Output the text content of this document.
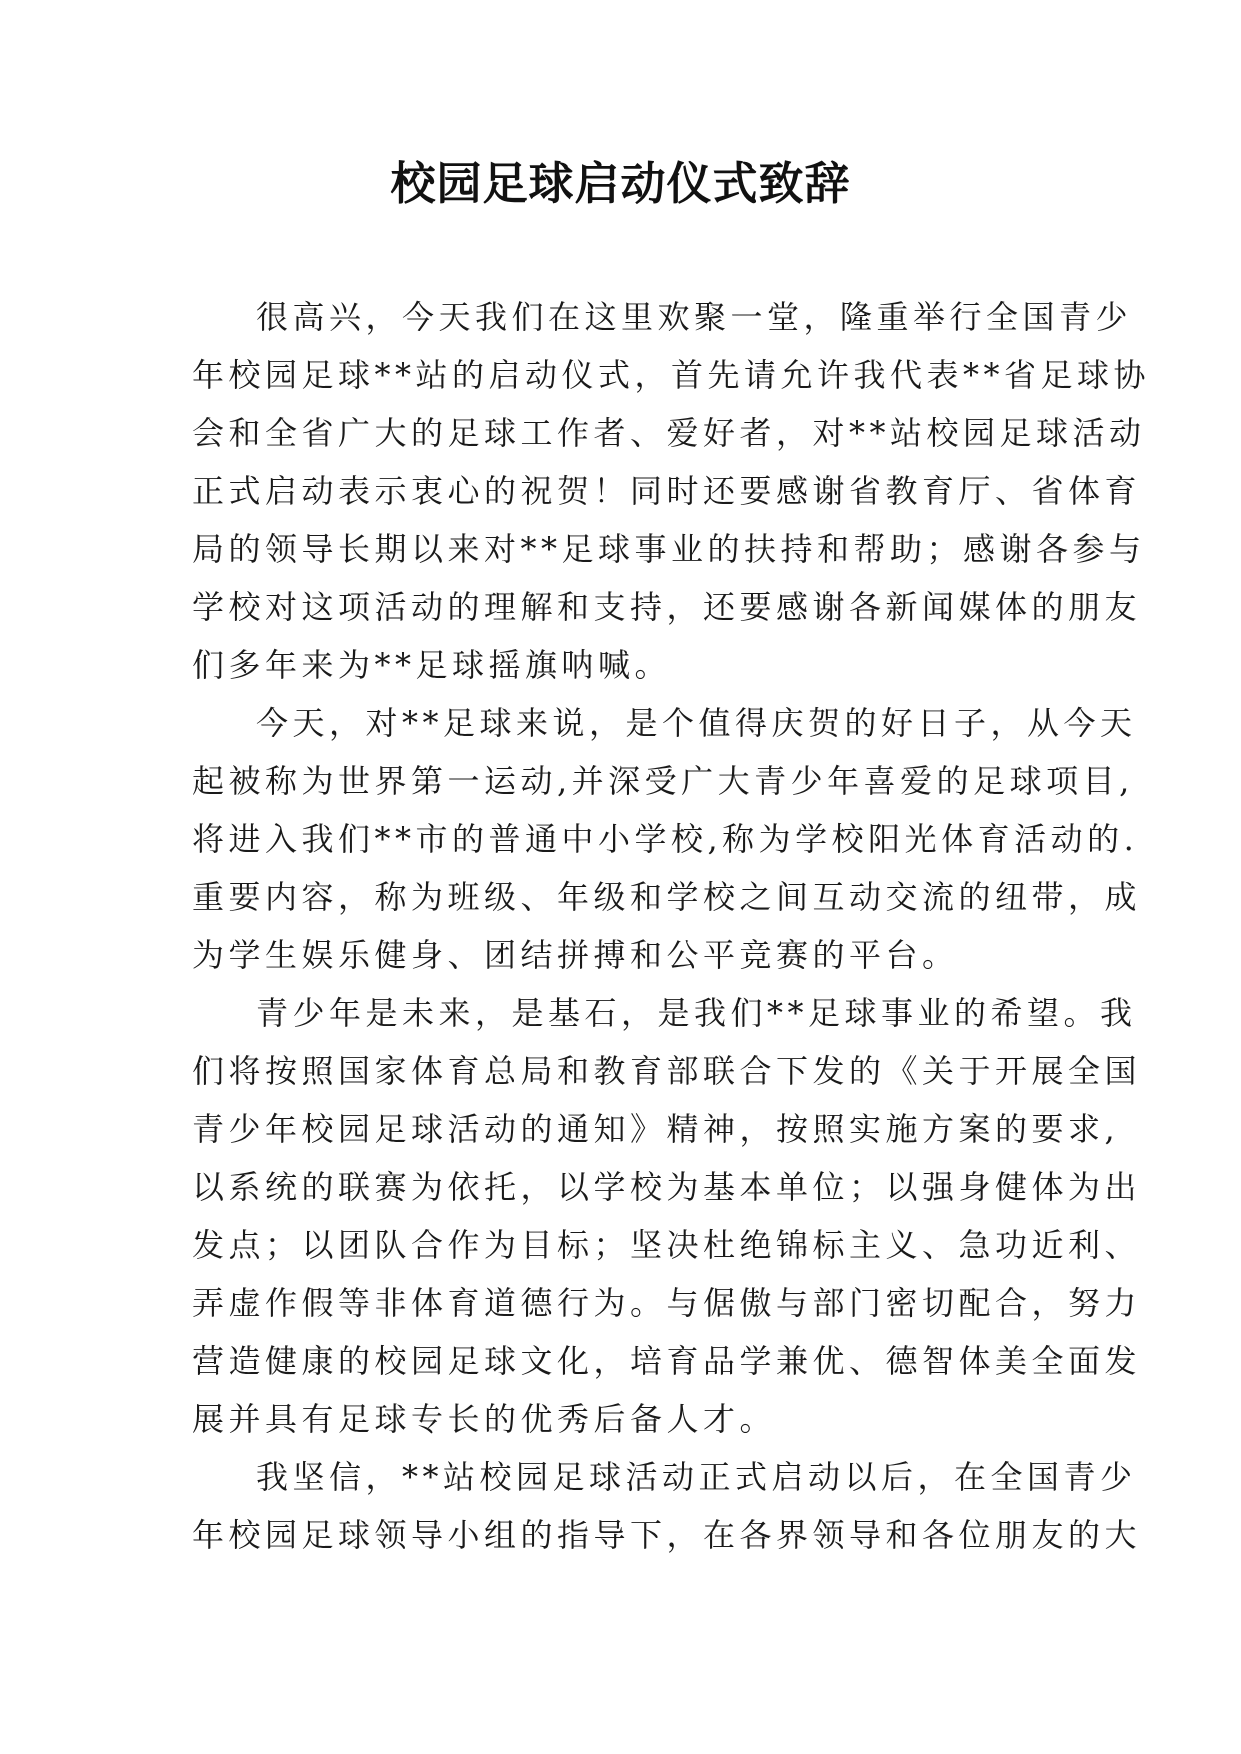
校园足球启动仪式致辞
很高兴，今天我们在这里欢聚一堂，隆重举行全国青少
年校园足球**站的启动仪式，首先请允许我代表**省足球协
会和全省广大的足球工作者、爱好者，对**站校园足球活动
正式启动表示衷心的祝贺！同时还要感谢省教育厅、省体育
局的领导长期以来对**足球事业的扶持和帮助；感谢各参与
学校对这项活动的理解和支持，还要感谢各新闻媒体的朋友
们多年来为**足球摇旗呐喊。
今天，对**足球来说，是个值得庆贺的好日子，从今天
起被称为世界第一运动,并深受广大青少年喜爱的足球项目,
将进入我们**市的普通中小学校,称为学校阳光体育活动的.
重要内容，称为班级、年级和学校之间互动交流的纽带，成
为学生娱乐健身、团结拼搏和公平竞赛的平台。
青少年是未来，是基石，是我们**足球事业的希望。我
们将按照国家体育总局和教育部联合下发的《关于开展全国
青少年校园足球活动的通知》精神，按照实施方案的要求,
以系统的联赛为依托，以学校为基本单位；以强身健体为出
发点；以团队合作为目标；坚决杜绝锦标主义、急功近利、
弄虚作假等非体育道德行为。与倨傲与部门密切配合，努力
营造健康的校园足球文化，培育品学兼优、德智体美全面发
展并具有足球专长的优秀后备人才。
我坚信，**站校园足球活动正式启动以后，在全国青少
年校园足球领导小组的指导下，在各界领导和各位朋友的大
